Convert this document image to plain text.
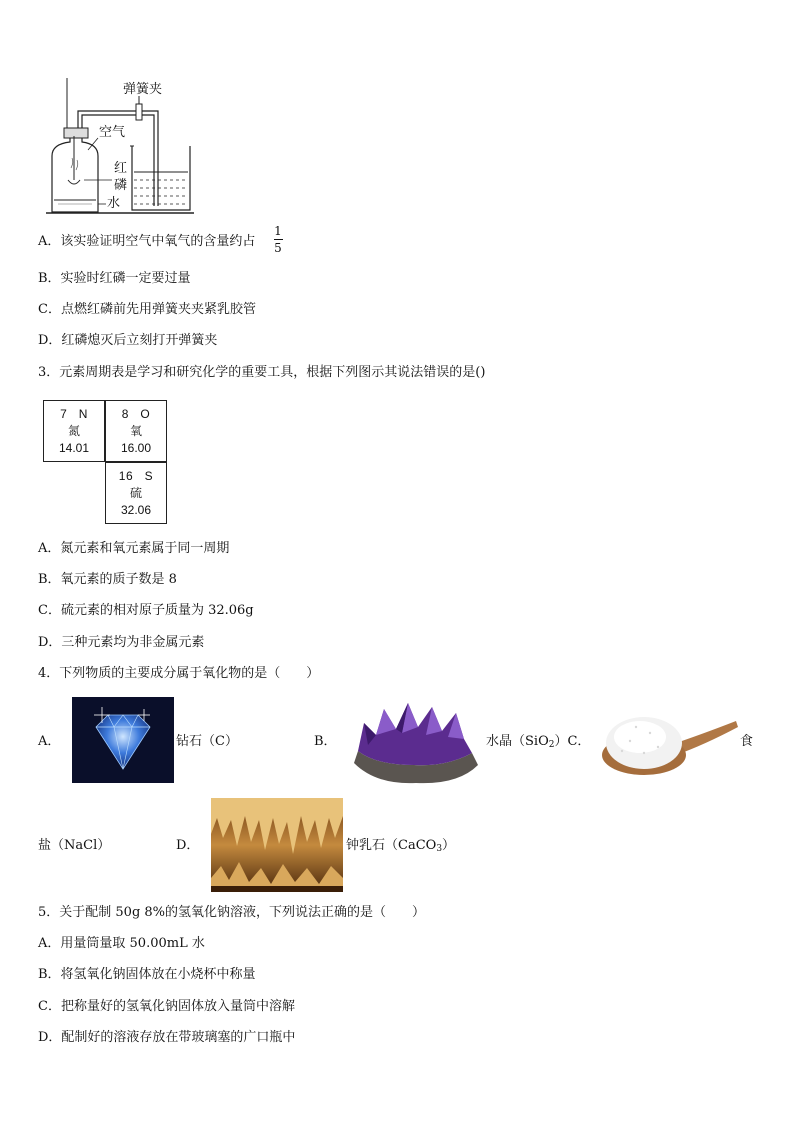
弹簧夹
空气
红
磷
水
A．该实验证明空气中氧气的含量约占
1
5
B．实验时红磷一定要过量
C．点燃红磷前先用弹簧夹夹紧乳胶管
D．红磷熄灭后立刻打开弹簧夹
3．元素周期表是学习和研究化学的重要工具，根据下列图示其说法错误的是()
7 N
氮
14.01
8 O
氧
16.00
16 S
硫
32.06
A．氮元素和氧元素属于同一周期
B．氧元素的质子数是 8
C．硫元素的相对原子质量为 32.06g
D．三种元素均为非金属元素
4．下列物质的主要成分属于氧化物的是（　　）
A．	钻石（C）	B．	水晶（SiO$_2$）C．	食
盐（NaCl）	D．	钟乳石（CaCO$_3$）
5．关于配制 50g 8%的氢氧化钠溶液，下列说法正确的是（　　）
A．用量筒量取 50.00mL 水
B．将氢氧化钠固体放在小烧杯中称量
C．把称量好的氢氧化钠固体放入量筒中溶解
D．配制好的溶液存放在带玻璃塞的广口瓶中
